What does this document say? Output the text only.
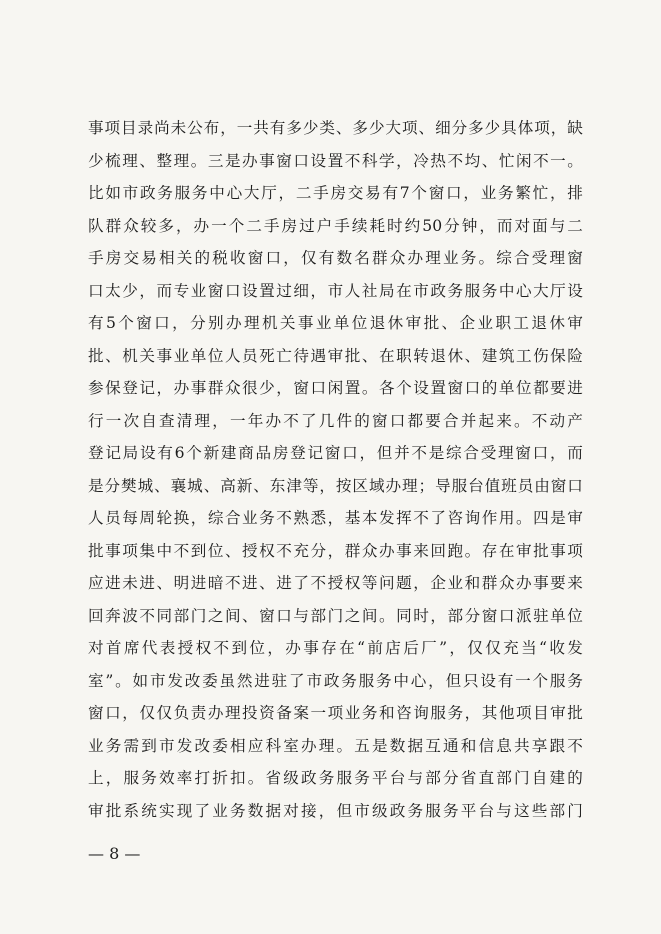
事项目录尚未公布，一共有多少类、多少大项、细分多少具体项，缺
少梳理、整理。三是办事窗口设置不科学，冷热不均、忙闲不一。
比如市政务服务中心大厅，二手房交易有7个窗口，业务繁忙，排
队群众较多，办一个二手房过户手续耗时约50分钟，而对面与二
手房交易相关的税收窗口，仅有数名群众办理业务。综合受理窗
口太少，而专业窗口设置过细，市人社局在市政务服务中心大厅设
有5个窗口，分别办理机关事业单位退休审批、企业职工退休审
批、机关事业单位人员死亡待遇审批、在职转退休、建筑工伤保险
参保登记，办事群众很少，窗口闲置。各个设置窗口的单位都要进
行一次自查清理，一年办不了几件的窗口都要合并起来。不动产
登记局设有6个新建商品房登记窗口，但并不是综合受理窗口，而
是分樊城、襄城、高新、东津等，按区域办理；导服台值班员由窗口
人员每周轮换，综合业务不熟悉，基本发挥不了咨询作用。四是审
批事项集中不到位、授权不充分，群众办事来回跑。存在审批事项
应进未进、明进暗不进、进了不授权等问题，企业和群众办事要来
回奔波不同部门之间、窗口与部门之间。同时，部分窗口派驻单位
对首席代表授权不到位，办事存在“前店后厂”，仅仅充当“收发
室”。如市发改委虽然进驻了市政务服务中心，但只设有一个服务
窗口，仅仅负责办理投资备案一项业务和咨询服务，其他项目审批
业务需到市发改委相应科室办理。五是数据互通和信息共享跟不
上，服务效率打折扣。省级政务服务平台与部分省直部门自建的
审批系统实现了业务数据对接，但市级政务服务平台与这些部门
— 8 —
